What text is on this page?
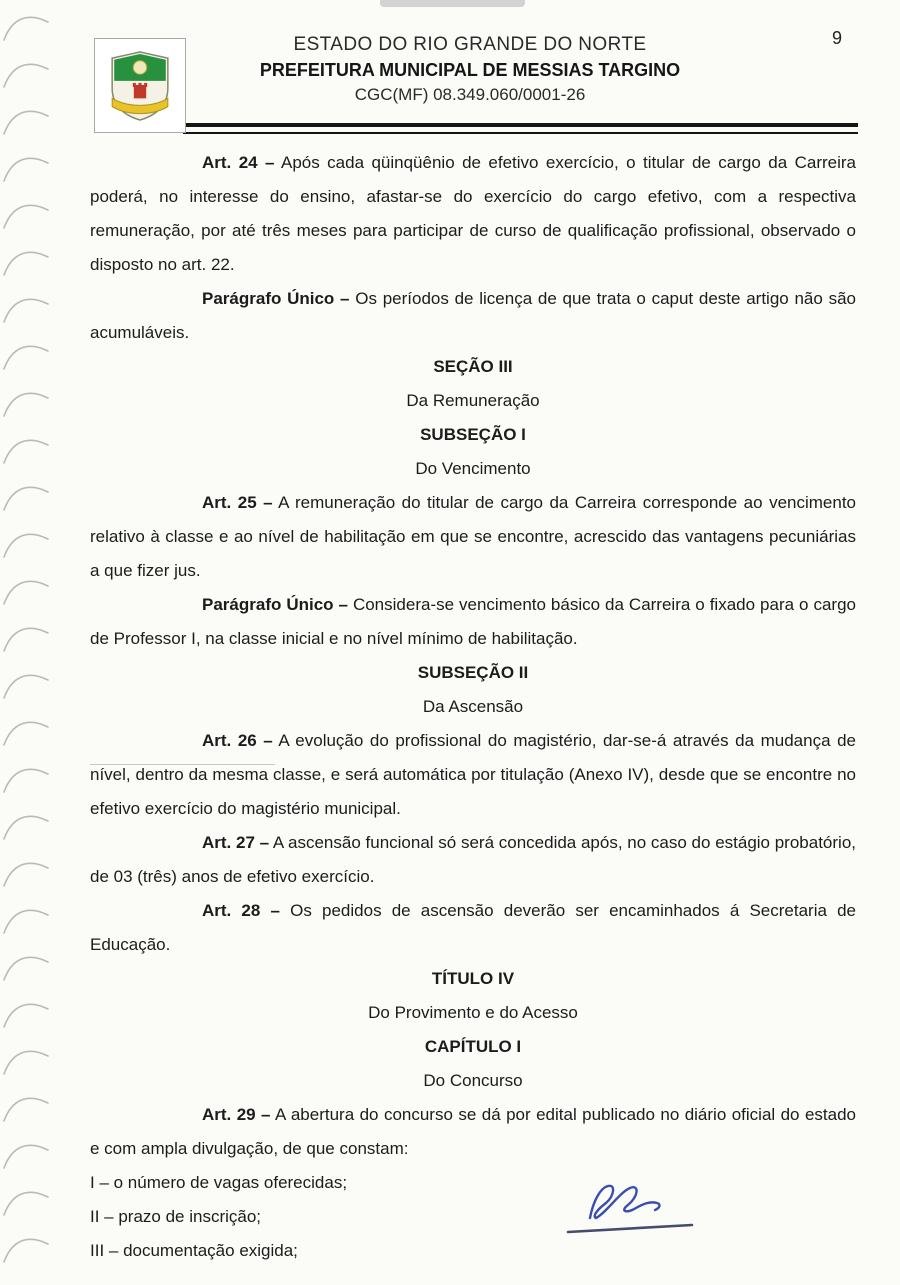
9
ESTADO DO RIO GRANDE DO NORTE
PREFEITURA MUNICIPAL DE MESSIAS TARGINO
CGC(MF) 08.349.060/0001-26

Art. 24 – Após cada qüinqüênio de efetivo exercício, o titular de cargo da Carreira poderá, no interesse do ensino, afastar-se do exercício do cargo efetivo, com a respectiva remuneração, por até três meses para participar de curso de qualificação profissional, observado o disposto no art. 22.

Parágrafo Único – Os períodos de licença de que trata o caput deste artigo não são acumuláveis.

SEÇÃO III

Da Remuneração

SUBSEÇÃO I

Do Vencimento

Art. 25 – A remuneração do titular de cargo da Carreira corresponde ao vencimento relativo à classe e ao nível de habilitação em que se encontre, acrescido das vantagens pecuniárias a que fizer jus.

Parágrafo Único – Considera-se vencimento básico da Carreira o fixado para o cargo de Professor I, na classe inicial e no nível mínimo de habilitação.

SUBSEÇÃO II

Da Ascensão

Art. 26 – A evolução do profissional do magistério, dar-se-á através da mudança de nível, dentro da mesma classe, e será automática por titulação (Anexo IV), desde que se encontre no efetivo exercício do magistério municipal.

Art. 27 – A ascensão funcional só será concedida após, no caso do estágio probatório, de 03 (três) anos de efetivo exercício.

Art. 28 – Os pedidos de ascensão deverão ser encaminhados á Secretaria de Educação.

TÍTULO IV

Do Provimento e do Acesso

CAPÍTULO I

Do Concurso

Art. 29 – A abertura do concurso se dá por edital publicado no diário oficial do estado e com ampla divulgação, de que constam:

I – o número de vagas oferecidas;

II – prazo de inscrição;

III – documentação exigida;
